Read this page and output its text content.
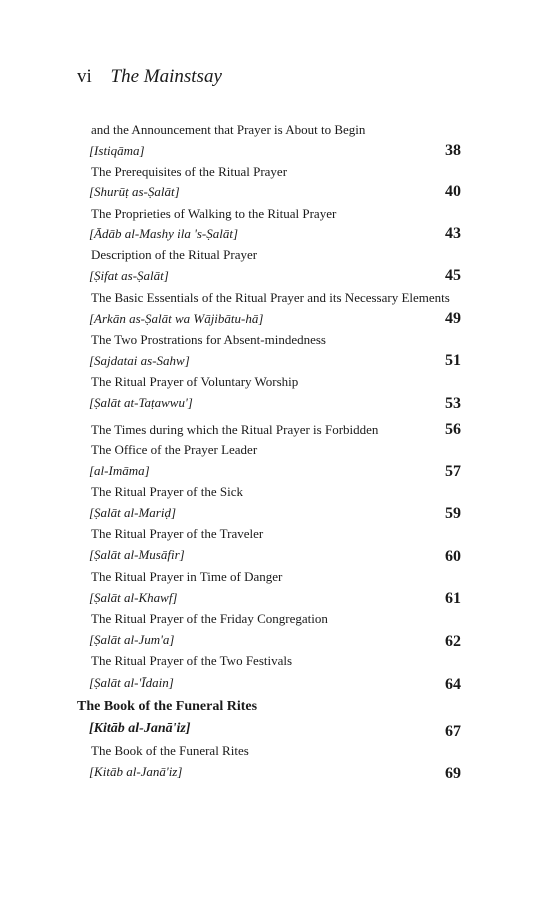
vi The Mainstsay
and the Announcement that Prayer is About to Begin
[Istiqāma]	38
The Prerequisites of the Ritual Prayer
[Shurūṭ as-Ṣalāt]	40
The Proprieties of Walking to the Ritual Prayer
[Ādāb al-Mashy ila 's-Ṣalāt]	43
Description of the Ritual Prayer
[Ṣifat as-Ṣalāt]	45
The Basic Essentials of the Ritual Prayer and its Necessary Elements
[Arkān as-Ṣalāt wa Wājibātu-hā]	49
The Two Prostrations for Absent-mindedness
[Sajdatai as-Sahw]	51
The Ritual Prayer of Voluntary Worship
[Ṣalāt at-Taṭawwu']	53
The Times during which the Ritual Prayer is Forbidden	56
The Office of the Prayer Leader
[al-Imāma]	57
The Ritual Prayer of the Sick
[Ṣalāt al-Mariḍ]	59
The Ritual Prayer of the Traveler
[Ṣalāt al-Musāfir]	60
The Ritual Prayer in Time of Danger
[Ṣalāt al-Khawf]	61
The Ritual Prayer of the Friday Congregation
[Ṣalāt al-Jum'a]	62
The Ritual Prayer of the Two Festivals
[Ṣalāt al-'Īdain]	64
The Book of the Funeral Rites
[Kitāb al-Janā'iz]	67
The Book of the Funeral Rites
[Kitāb al-Janā'iz]	69
